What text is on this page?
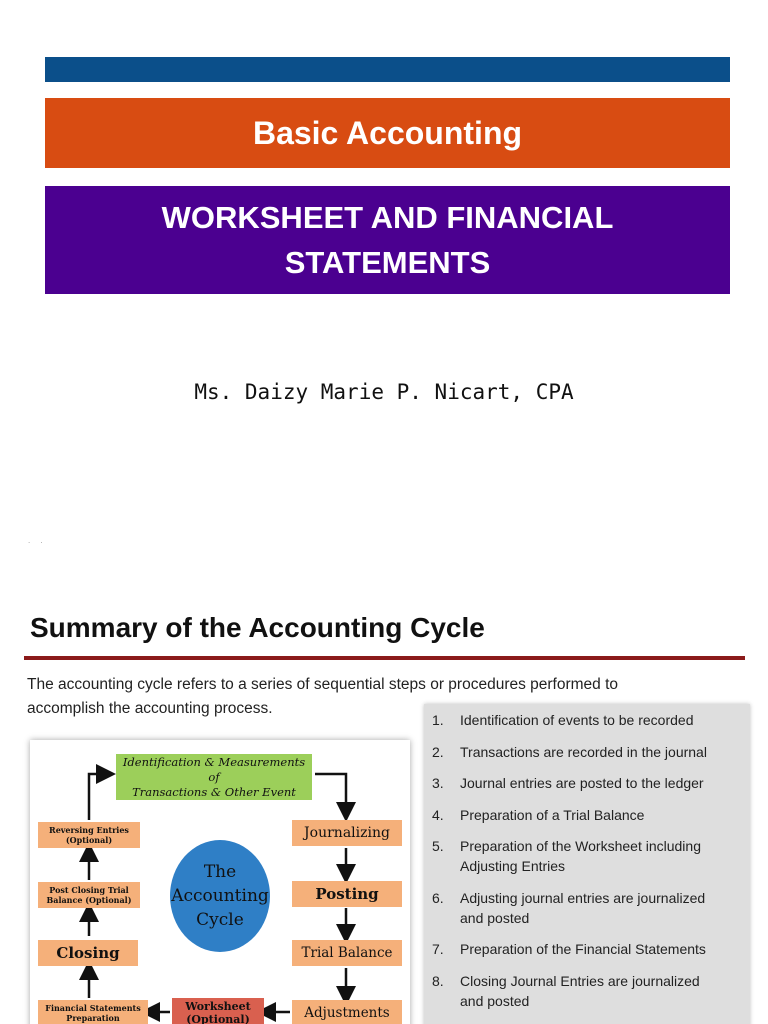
Basic Accounting
WORKSHEET AND FINANCIAL
STATEMENTS
Ms. Daizy Marie P. Nicart, CPA
. .
Summary of the Accounting Cycle
The accounting cycle refers to a series of sequential steps or procedures performed to
accomplish the accounting process.
Identification & Measurements of
Transactions & Other Event
The
Accounting
Cycle
Journalizing
Posting
Trial Balance
Adjustments
Worksheet
(Optional)
Financial Statements
Preparation
Closing
Post Closing Trial
Balance (Optional)
Reversing Entries
(Optional)
1.	Identification of events to be recorded
2.	Transactions are recorded in the journal
3.	Journal entries are posted to the ledger
4.	Preparation of a Trial Balance
5.	Preparation of the Worksheet including
Adjusting Entries
6.	Adjusting journal entries are journalized
and posted
7.	Preparation of the Financial Statements
8.	Closing Journal Entries are journalized
and posted
